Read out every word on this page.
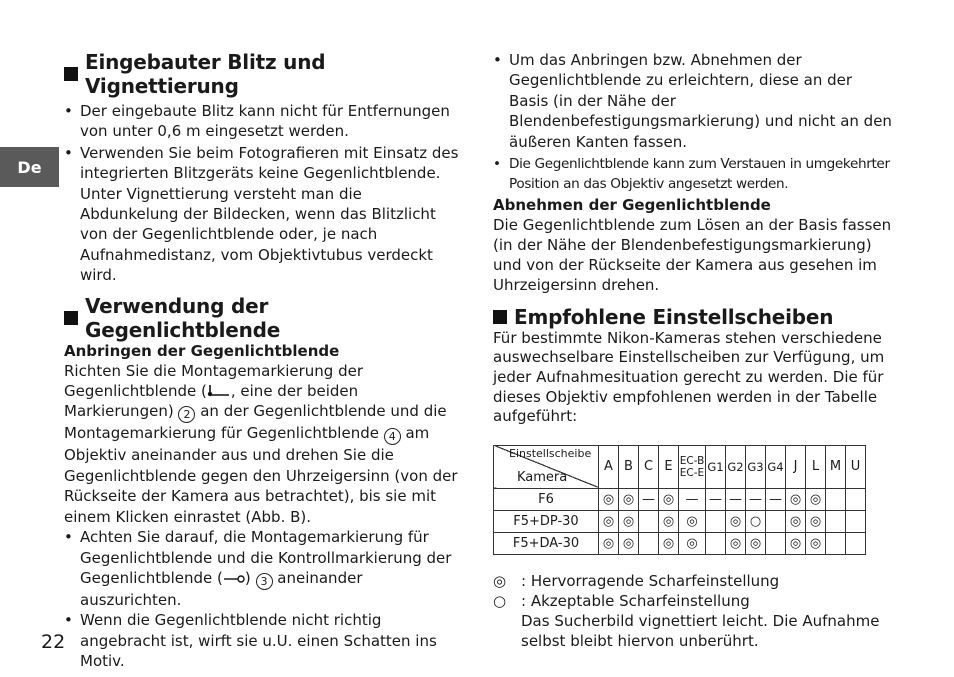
De
22
Eingebauter Blitz und Vignettierung
• Der eingebaute Blitz kann nicht für Entfernungen von unter 0,6 m eingesetzt werden.
• Verwenden Sie beim Fotografieren mit Einsatz des integrierten Blitzgeräts keine Gegenlichtblende.

Unter Vignettierung versteht man die Abdunkelung der Bildecken, wenn das Blitzlicht von der Gegenlichtblende oder, je nach Aufnahmedistanz, vom Objektivtubus verdeckt wird.

Verwendung der Gegenlichtblende
Anbringen der Gegenlichtblende

Richten Sie die Montagemarkierung der Gegenlichtblende ( , eine der beiden Markierungen) 2 an der Gegenlichtblende und die Montagemarkierung für Gegenlichtblende 4 am Objektiv aneinander aus und drehen Sie die Gegenlichtblende gegen den Uhrzeigersinn (von der Rückseite der Kamera aus betrachtet), bis sie mit einem Klicken einrastet (Abb. B).

• Achten Sie darauf, die Montagemarkierung für Gegenlichtblende und die Kontrollmarkierung der Gegenlichtblende ( ) 3 aneinander auszurichten.
• Wenn die Gegenlichtblende nicht richtig angebracht ist, wirft sie u.U. einen Schatten ins Motiv.
• Um das Anbringen bzw. Abnehmen der Gegenlichtblende zu erleichtern, diese an der Basis (in der Nähe der Blendenbefestigungsmarkierung) und nicht an den äußeren Kanten fassen.
• Die Gegenlichtblende kann zum Verstauen in umgekehrter Position an das Objektiv angesetzt werden.
Abnehmen der Gegenlichtblende

Die Gegenlichtblende zum Lösen an der Basis fassen (in der Nähe der Blendenbefestigungsmarkierung) und von der Rückseite der Kamera aus gesehen im Uhrzeigersinn drehen.

Empfohlene Einstellscheiben

Für bestimmte Nikon-Kameras stehen verschiedene auswechselbare Einstellscheiben zur Verfügung, um jeder Aufnahmesituation gerecht zu werden. Die für dieses Objektiv empfohlenen werden in der Tabelle aufgeführt:

Einstellscheibe
Kamera	A	B	C	E	EC-B EC-E	G1	G2	G3	G4	J	L	M	U
F6	◎	◎	—	◎	—	—	—	—	—	◎	◎		
F5+DP-30	◎	◎		◎	◎		◎	○		◎	◎		
F5+DA-30	◎	◎		◎	◎		◎	◎		◎	◎		
◎ : Hervorragende Scharfeinstellung
○ : Akzeptable Scharfeinstellung
Das Sucherbild vignettiert leicht. Die Aufnahme selbst bleibt hiervon unberührt.
